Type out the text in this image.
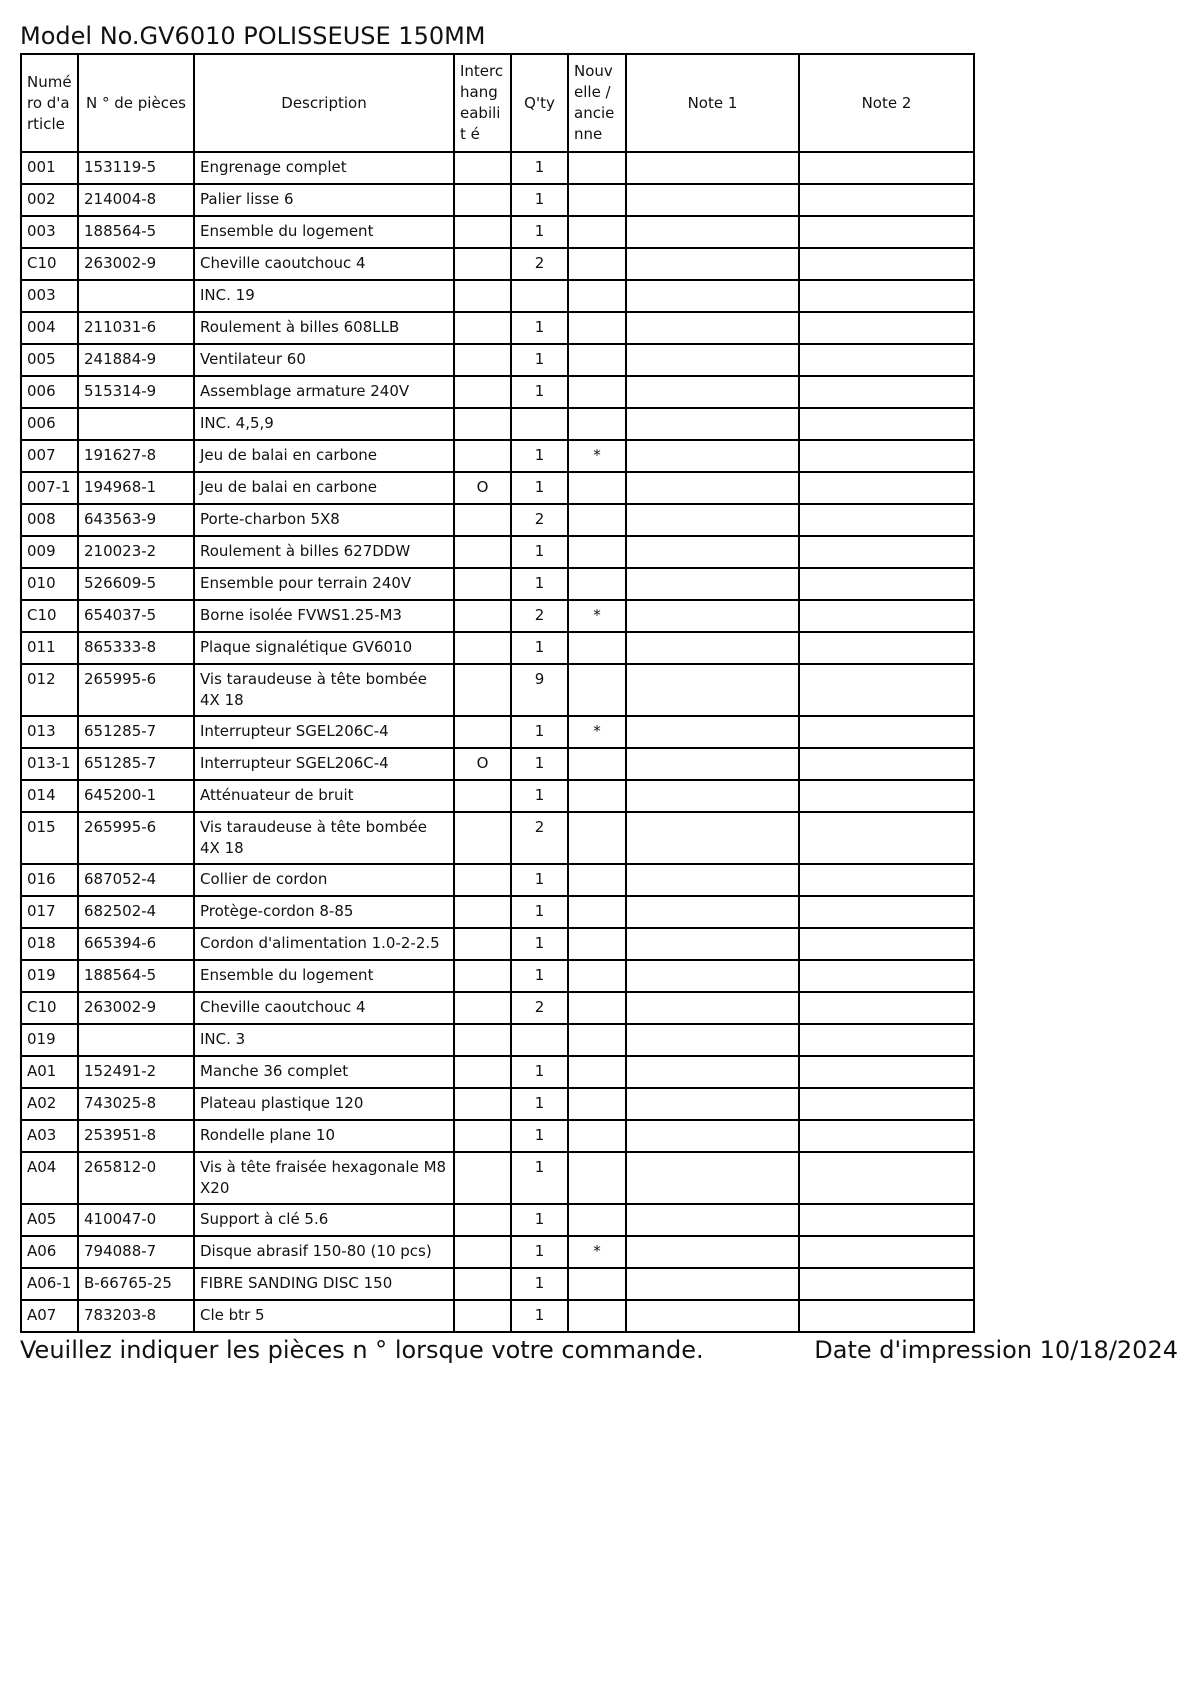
Model No.GV6010 POLISSEUSE 150MM
Numé ro d'a rticle	N ° de pièces	Description	Interc hang eabilit é	Q'ty	Nouv elle / ancie nne	Note 1	Note 2
001	153119-5	Engrenage complet		1			
002	214004-8	Palier lisse 6		1			
003	188564-5	Ensemble du logement		1			
C10	263002-9	Cheville caoutchouc 4		2			
003		INC. 19					
004	211031-6	Roulement à billes 608LLB		1			
005	241884-9	Ventilateur 60		1			
006	515314-9	Assemblage armature 240V		1			
006		INC. 4,5,9					
007	191627-8	Jeu de balai en carbone		1	*		
007-1	194968-1	Jeu de balai en carbone	O	1			
008	643563-9	Porte-charbon 5X8		2			
009	210023-2	Roulement à billes 627DDW		1			
010	526609-5	Ensemble pour terrain 240V		1			
C10	654037-5	Borne isolée FVWS1.25-M3		2	*		
011	865333-8	Plaque signalétique GV6010		1			
012	265995-6	Vis taraudeuse à tête bombée 4X 18		9			
013	651285-7	Interrupteur SGEL206C-4		1	*		
013-1	651285-7	Interrupteur SGEL206C-4	O	1			
014	645200-1	Atténuateur de bruit		1			
015	265995-6	Vis taraudeuse à tête bombée 4X 18		2			
016	687052-4	Collier de cordon		1			
017	682502-4	Protège-cordon 8-85		1			
018	665394-6	Cordon d'alimentation 1.0-2-2.5		1			
019	188564-5	Ensemble du logement		1			
C10	263002-9	Cheville caoutchouc 4		2			
019		INC. 3					
A01	152491-2	Manche 36 complet		1			
A02	743025-8	Plateau plastique 120		1			
A03	253951-8	Rondelle plane 10		1			
A04	265812-0	Vis à tête fraisée hexagonale M8 X20		1			
A05	410047-0	Support à clé 5.6		1			
A06	794088-7	Disque abrasif 150-80 (10 pcs)		1	*		
A06-1	B-66765-25	FIBRE SANDING DISC 150		1			
A07	783203-8	Cle btr 5		1			
Veuillez indiquer les pièces n ° lorsque votre commande.	Date d'impression 10/18/2024
